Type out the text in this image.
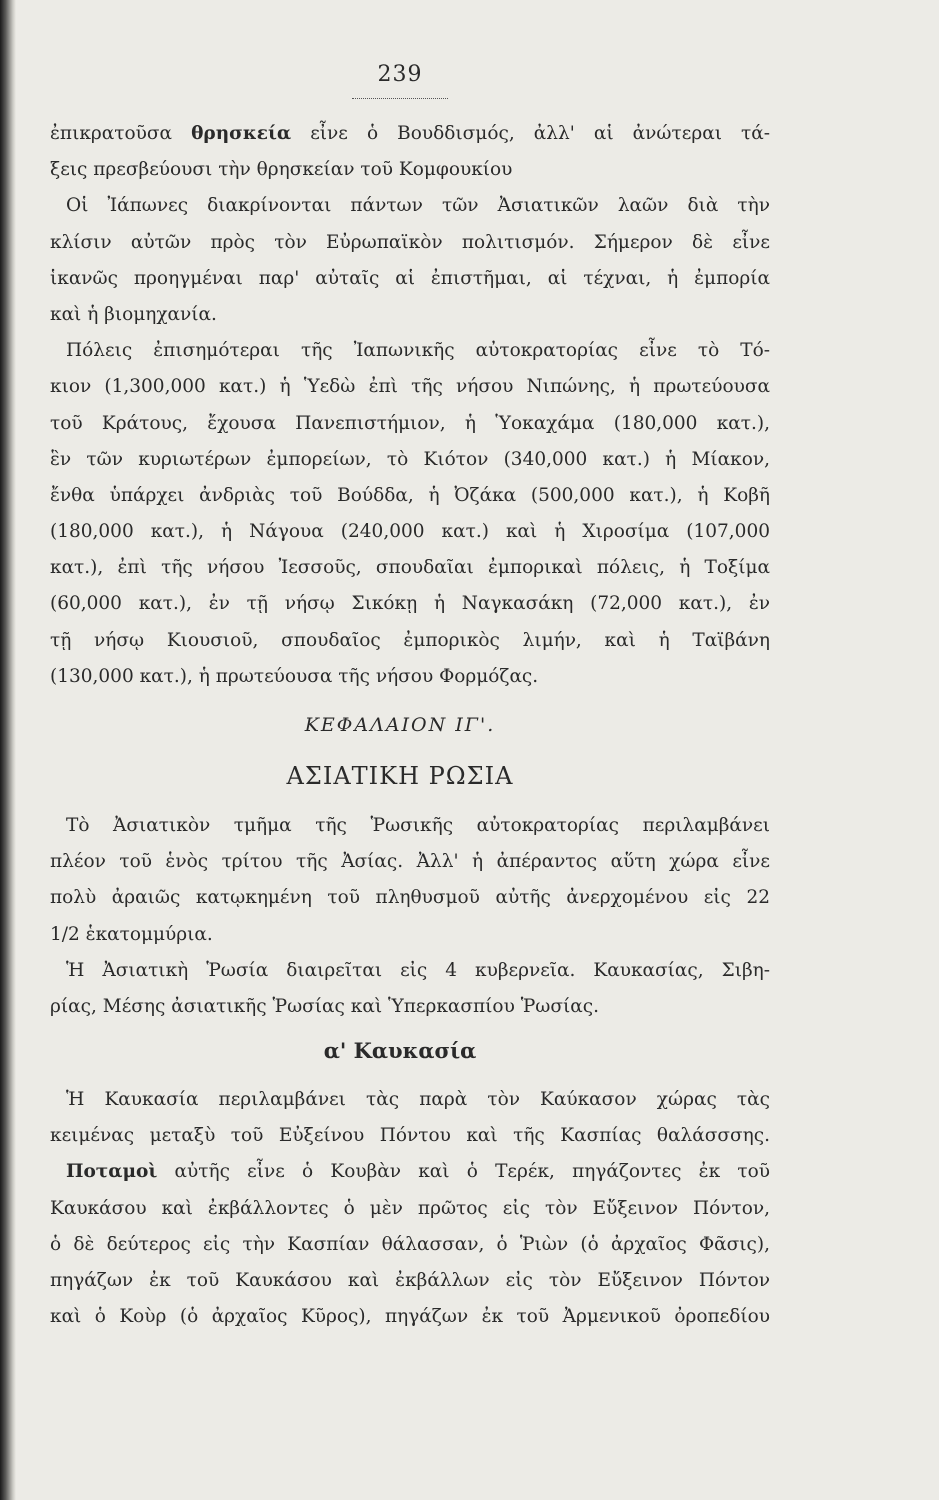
239
ἐπικρατοῦσα θρησκεία εἶνε ὁ Βουδδισμός, ἀλλ' αἱ ἀνώτεραι τά-
ξεις πρεσβεύουσι τὴν θρησκείαν τοῦ Κομφουκίου
Οἱ Ἰάπωνες διακρίνονται πάντων τῶν Ἀσιατικῶν λαῶν διὰ τὴν
κλίσιν αὐτῶν πρὸς τὸν Εὐρωπαϊκὸν πολιτισμόν. Σήμερον δὲ εἶνε
ἱκανῶς προηγμέναι παρ' αὐταῖς αἱ ἐπιστῆμαι, αἱ τέχναι, ἡ ἐμπορία
καὶ ἡ βιομηχανία.
Πόλεις ἐπισημότεραι τῆς Ἰαπωνικῆς αὐτοκρατορίας εἶνε τὸ Τό-
κιον (1,300,000 κατ.) ἡ Ὑεδὼ ἐπὶ τῆς νήσου Νιπώνης, ἡ πρωτεύουσα
τοῦ Κράτους, ἔχουσα Πανεπιστήμιον, ἡ Ὑοκαχάμα (180,000 κατ.),
ἓν τῶν κυριωτέρων ἐμπορείων, τὸ Κιότον (340,000 κατ.) ἡ Μίακον,
ἔνθα ὑπάρχει ἀνδριὰς τοῦ Βούδδα, ἡ Ὀζάκα (500,000 κατ.), ἡ Κοβῆ
(180,000 κατ.), ἡ Νάγουα (240,000 κατ.) καὶ ἡ Χιροσίμα (107,000
κατ.), ἐπὶ τῆς νήσου Ἰεσσοῦς, σπουδαῖαι ἐμπορικαὶ πόλεις, ἡ Τοξίμα
(60,000 κατ.), ἐν τῇ νήσῳ Σικόκῃ ἡ Ναγκασάκη (72,000 κατ.), ἐν
τῇ νήσῳ Κιουσιοῦ, σπουδαῖος ἐμπορικὸς λιμήν, καὶ ἡ Ταϊβάνη
(130,000 κατ.), ἡ πρωτεύουσα τῆς νήσου Φορμόζας.
ΚΕΦΑΛΑΙΟΝ ΙΓ'.
ΑΣΙΑΤΙΚΗ ΡΩΣΙΑ
Τὸ Ἀσιατικὸν τμῆμα τῆς Ῥωσικῆς αὐτοκρατορίας περιλαμβάνει
πλέον τοῦ ἑνὸς τρίτου τῆς Ἀσίας. Ἀλλ' ἡ ἀπέραντος αὕτη χώρα εἶνε
πολὺ ἀραιῶς κατῳκημένη τοῦ πληθυσμοῦ αὐτῆς ἀνερχομένου εἰς 22
1/2 ἑκατομμύρια.
Ἡ Ἀσιατικὴ Ῥωσία διαιρεῖται εἰς 4 κυβερνεῖα. Καυκασίας, Σιβη-
ρίας, Μέσης ἀσιατικῆς Ῥωσίας καὶ Ὑπερκασπίου Ῥωσίας.
α' Καυκασία
Ἡ Καυκασία περιλαμβάνει τὰς παρὰ τὸν Καύκασον χώρας τὰς
κειμένας μεταξὺ τοῦ Εὐξείνου Πόντου καὶ τῆς Κασπίας θαλάσσσης.
Ποταμοὶ αὐτῆς εἶνε ὁ Κουβὰν καὶ ὁ Τερέκ, πηγάζοντες ἐκ τοῦ
Καυκάσου καὶ ἐκβάλλοντες ὁ μὲν πρῶτος εἰς τὸν Εὔξεινον Πόντον,
ὁ δὲ δεύτερος εἰς τὴν Κασπίαν θάλασσαν, ὁ Ῥιὼν (ὁ ἀρχαῖος Φᾶσις),
πηγάζων ἐκ τοῦ Καυκάσου καὶ ἐκβάλλων εἰς τὸν Εὔξεινον Πόντον
καὶ ὁ Κοὺρ (ὁ ἀρχαῖος Κῦρος), πηγάζων ἐκ τοῦ Ἀρμενικοῦ ὀροπεδίου
